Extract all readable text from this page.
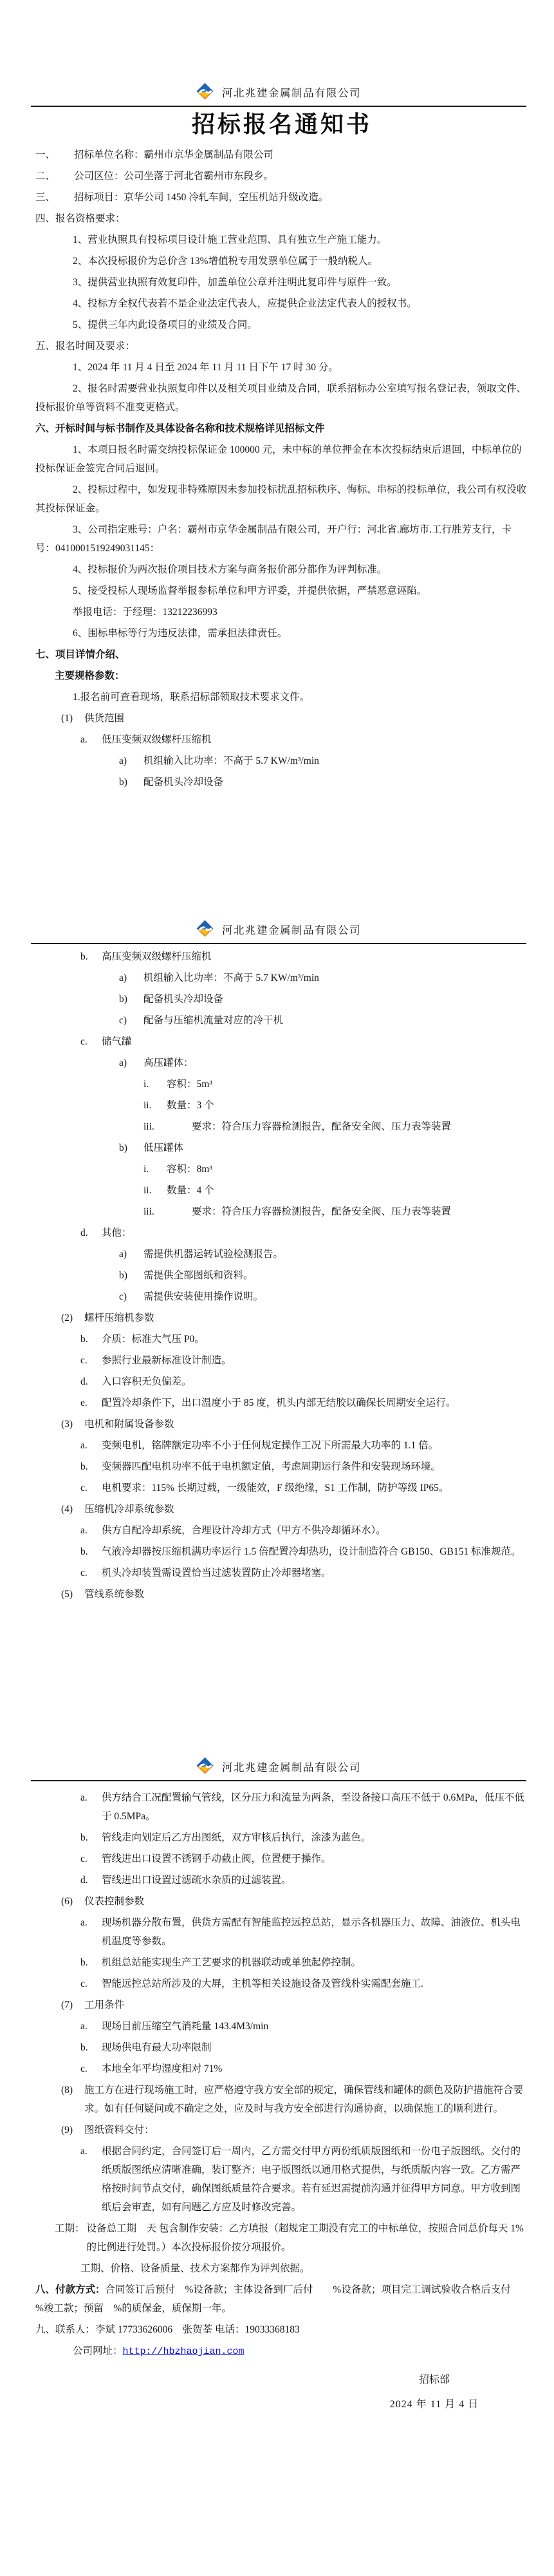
河北兆建金属制品有限公司
招标报名通知书
一、	招标单位名称：霸州市京华金属制品有限公司
二、	公司区位：公司坐落于河北省霸州市东段乡。
三、	招标项目：京华公司 1450 冷轧车间，空压机站升级改造。
四、报名资格要求：
1、营业执照具有投标项目设计施工营业范围、具有独立生产施工能力。
2、本次投标报价为总价含 13%增值税专用发票单位属于一般纳税人。
3、提供营业执照有效复印件，加盖单位公章并注明此复印件与原件一致。
4、投标方全权代表若不是企业法定代表人，应提供企业法定代表人的授权书。
5、提供三年内此设备项目的业绩及合同。
五、报名时间及要求：
1、2024 年 11 月 4 日至 2024 年 11 月 11 日下午 17 时 30 分。
2、报名时需要营业执照复印件以及相关项目业绩及合同，联系招标办公室填写报名登记表，领取文件、投标报价单等资料不准变更格式。
六、开标时间与标书制作及具体设备名称和技术规格详见招标文件
1、本项日报名时需交纳投标保证金 100000 元，未中标的单位押金在本次投标结束后退回，中标单位的投标保证金签完合同后退回。
2、投标过程中，如发现非特殊原因未参加投标扰乱招标秩序、悔标、串标的投标单位，我公司有权没收其投标保证金。
3、公司指定账号：户名：霸州市京华金属制品有限公司，开户行：河北省.廊坊市.工行胜芳支行，卡号：0410001519249031145：
4、投标报价为两次报价项目技术方案与商务报价部分都作为评判标准。
5、接受投标人现场监督举报参标单位和甲方评委，并提供依据，严禁恶意诬陷。
举报电话：于经理：13212236993
6、围标串标等行为违反法律，需承担法律责任。
七、项目详情介绍、
主要规格参数：
1.报名前可查看现场，联系招标部领取技术要求文件。
(1)	供货范围
a.	低压变频双级螺杆压缩机
a)	机组输入比功率：不高于 5.7 KW/m³/min
b)	配备机头冷却设备
河北兆建金属制品有限公司
b.	高压变频双级螺杆压缩机
a)	机组输入比功率：不高于 5.7 KW/m³/min
b)	配备机头冷却设备
c)	配备与压缩机流量对应的冷干机
c.	储气罐
a)	高压罐体：
i.	容积：5m³
ii.	数量：3 个
iii.	要求：符合压力容器检测报告，配备安全阀、压力表等装置
b)	低压罐体
i.	容积：8m³
ii.	数量：4 个
iii.	要求：符合压力容器检测报告，配备安全阀、压力表等装置
d.	其他：
a)	需提供机器运转试验检测报告。
b)	需提供全部图纸和资料。
c)	需提供安装使用操作说明。
(2)	螺杆压缩机参数
b.	介质：标准大气压 P0。
c.	参照行业最新标准设计制造。
d.	入口容积无负偏差。
e.	配置冷却条件下，出口温度小于 85 度，机头内部无结胶以确保长周期安全运行。
(3)	电机和附属设备参数
a.	变频电机，铭牌额定功率不小于任何规定操作工况下所需最大功率的 1.1 倍。
b.	变频器匹配电机功率不低于电机额定值，考虑周期运行条件和安装现场环境。
c.	电机要求：115% 长期过载，一级能效，F 级绝缘，S1 工作制，防护等级 IP65。
(4)	压缩机冷却系统参数
a.	供方自配冷却系统，合理设计冷却方式（甲方不供冷却循环水）。
b.	气液冷却器按压缩机满功率运行 1.5 倍配置冷却热功，设计制造符合 GB150、GB151 标准规范。
c.	机头冷却装置需设置恰当过滤装置防止冷却器堵塞。
(5)	管线系统参数
河北兆建金属制品有限公司
a.	供方结合工况配置输气管线，区分压力和流量为两条，至设备接口高压不低于 0.6MPa，低压不低于 0.5MPa。
b.	管线走向划定后乙方出图纸，双方审核后执行，涂漆为蓝色。
c.	管线进出口设置不锈钢手动截止阀，位置便于操作。
d.	管线进出口设置过滤疏水杂质的过滤装置。
(6)	仪表控制参数
a.	现场机器分散布置，供货方需配有智能监控远控总站，显示各机器压力、故障、油液位、机头电机温度等参数。
b.	机组总站能实现生产工艺要求的机器联动或单独起停控制。
c.	智能远控总站所涉及的大屏，主机等相关设施设备及管线朴实需配套施工.
(7)	工用条件
a.	现场目前压缩空气消耗量 143.4M3/min
b.	现场供电有最大功率限制
c.	本地全年平均湿度相对 71%
(8)	施工方在进行现场施工时，应严格遵守我方安全部的规定，确保管线和罐体的颜色及防护措施符合要求。如有任何疑问或不确定之处，应及时与我方安全部进行沟通协商，以确保施工的顺利进行。
(9)	图纸资料交付：
a.	根据合同约定，合同签订后一周内，乙方需交付甲方两份纸质版图纸和一份电子版图纸。交付的纸质版图纸应清晰准确，装订整齐；电子版图纸以通用格式提供，与纸质版内容一致。乙方需严格按时间节点交付，确保图纸质量符合要求。若有延迟需提前沟通并征得甲方同意。甲方收到图纸后会审查，如有问题乙方应及时修改完善。
工期： 设备总工期　天 包含制作安装：乙方填报（超规定工期没有完工的中标单位，按照合同总价每天 1%的比例进行处罚。）本次投标报价按分项报价。
工期、价格、设备质量、技术方案都作为评判依据。
八、付款方式：合同签订后预付　%设备款；主体设备到厂后付　　%设备款；项目完工调试验收合格后支付　%竣工款；预留　%的质保金，质保期一年。
九、联系人：李斌 17733626006　张贺荃 电话：19033368183
公司网址：http://hbzhaojian.com
招标部
2024 年 11 月 4 日
